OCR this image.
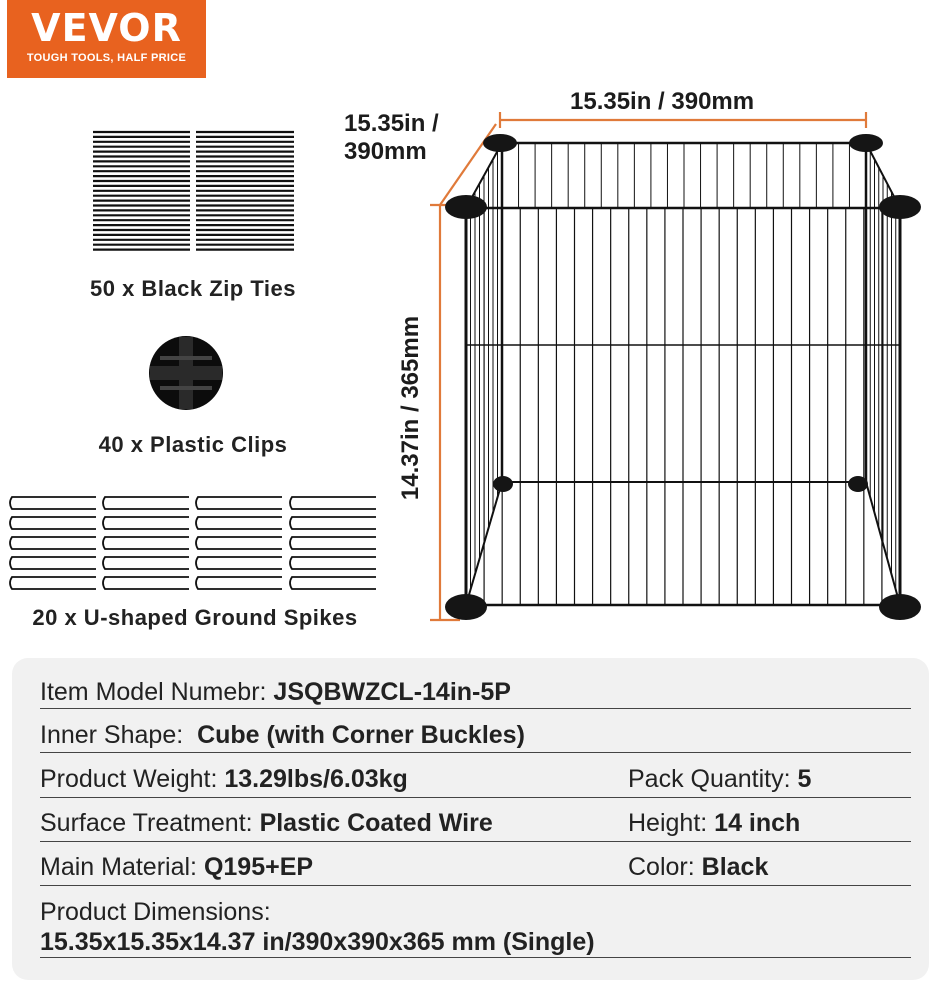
VEVOR
TOUGH TOOLS, HALF PRICE
50 x Black Zip Ties
40 x Plastic Clips
20 x U-shaped Ground Spikes
15.35in / 390mm
15.35in /
390mm
14.37in / 365mm
Item Model Numebr: JSQBWZCL-14in-5P
Inner Shape: Cube (with Corner Buckles)
Product Weight: 13.29lbs/6.03kg	Pack Quantity: 5
Surface Treatment: Plastic Coated Wire	Height: 14 inch
Main Material: Q195+EP	Color: Black
Product Dimensions:
15.35x15.35x14.37 in/390x390x365 mm (Single)
